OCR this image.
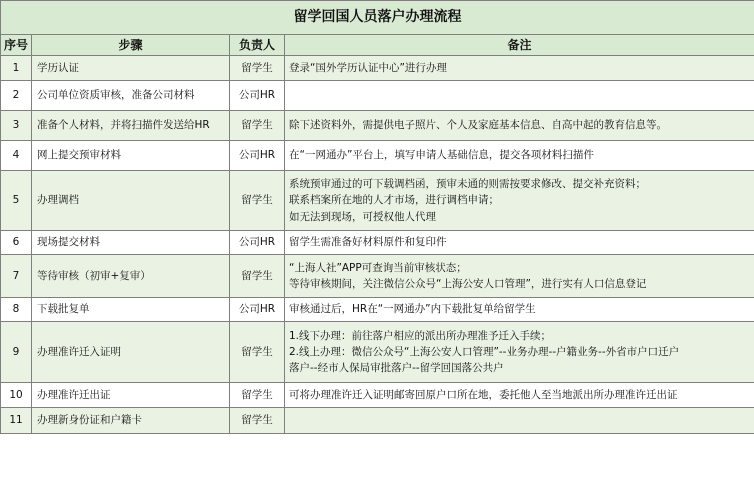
留学回国人员落户办理流程			
序号	步骤	负责人	备注
1	学历认证	留学生	登录“国外学历认证中心”进行办理

2	公司单位资质审核，准备公司材料	公司HR	

3	准备个人材料，并将扫描件发送给HR	留学生	除下述资料外，需提供电子照片、个人及家庭基本信息、自高中起的教育信息等。

4	网上提交预审材料	公司HR	在“一网通办”平台上，填写申请人基础信息，提交各项材料扫描件

5	办理调档	留学生	系统预审通过的可下载调档函，预审未通的则需按要求修改、提交补充资料；
联系档案所在地的人才市场，进行调档申请；
如无法到现场，可授权他人代理

6	现场提交材料	公司HR	留学生需准备好材料原件和复印件

7	等待审核（初审+复审）	留学生	“上海人社”APP可查询当前审核状态；
等待审核期间，关注微信公众号“上海公安人口管理”，进行实有人口信息登记

8	下载批复单	公司HR	审核通过后，HR在“一网通办”内下载批复单给留学生

9	办理准许迁入证明	留学生	1.线下办理：前往落户相应的派出所办理准予迁入手续；
2.线上办理：微信公众号“上海公安人口管理”--业务办理--户籍业务--外省市户口迁户
落户--经市人保局审批落户--留学回国落公共户

10	办理准许迁出证	留学生	可将办理准许迁入证明邮寄回原户口所在地，委托他人至当地派出所办理准许迁出证

11	办理新身份证和户籍卡	留学生	
